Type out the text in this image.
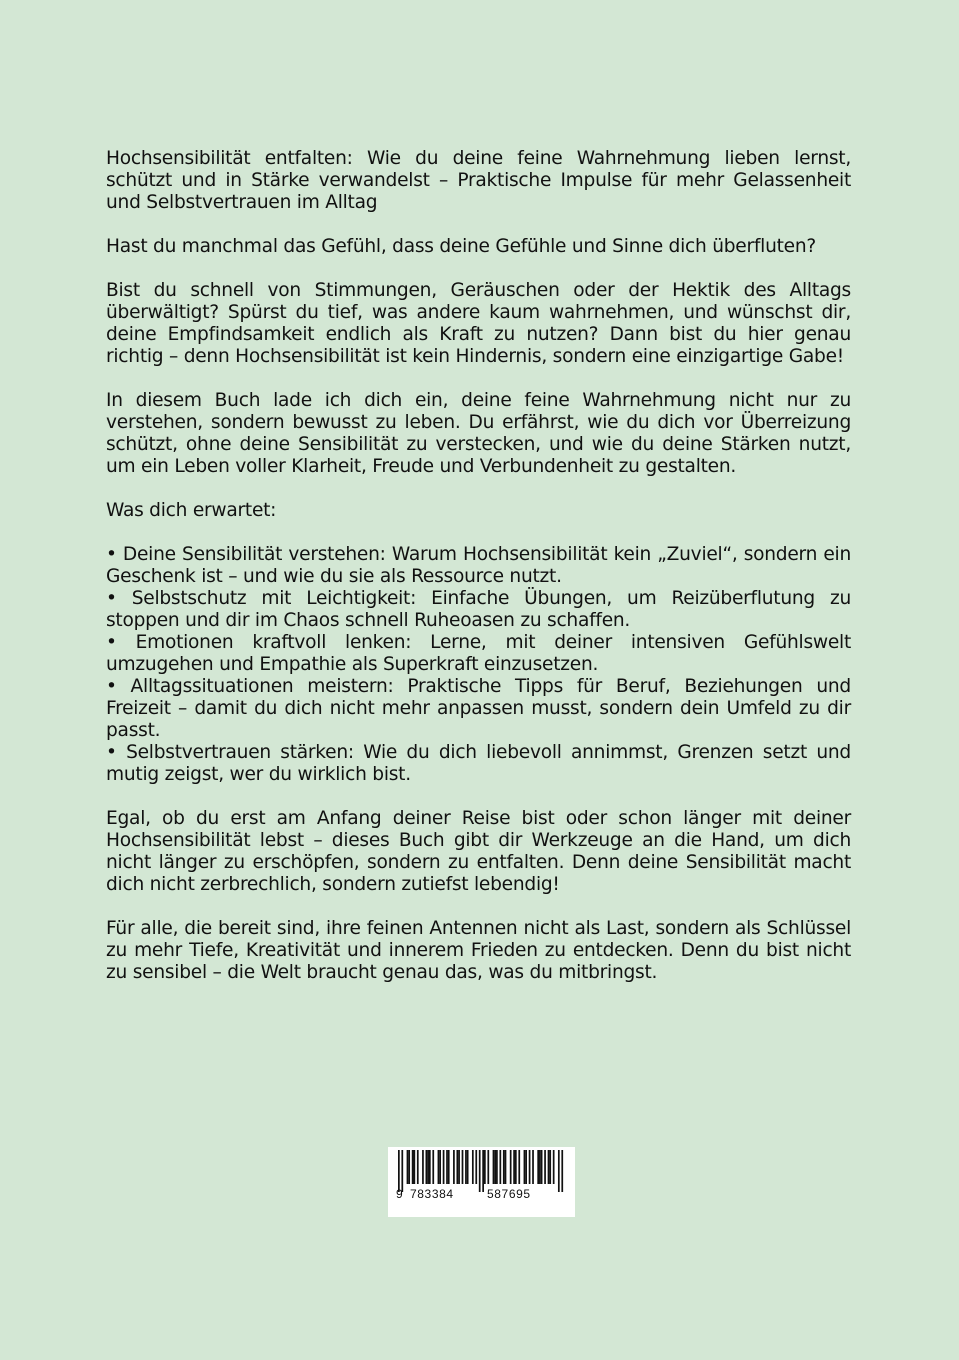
Hochsensibilität entfalten: Wie du deine feine Wahrnehmung lieben lernst, schützt und in Stärke verwandelst – Praktische Impulse für mehr Gelassenheit und Selbstvertrauen im Alltag

Hast du manchmal das Gefühl, dass deine Gefühle und Sinne dich überfluten?

Bist du schnell von Stimmungen, Geräuschen oder der Hektik des Alltags überwältigt? Spürst du tief, was andere kaum wahrnehmen, und wünschst dir, deine Empfindsamkeit endlich als Kraft zu nutzen? Dann bist du hier genau richtig – denn Hochsensibilität ist kein Hindernis, sondern eine einzigartige Gabe!

In diesem Buch lade ich dich ein, deine feine Wahrnehmung nicht nur zu verstehen, sondern bewusst zu leben. Du erfährst, wie du dich vor Überreizung schützt, ohne deine Sensibilität zu verstecken, und wie du deine Stärken nutzt, um ein Leben voller Klarheit, Freude und Verbundenheit zu gestalten.

Was dich erwartet:

• Deine Sensibilität verstehen: Warum Hochsensibilität kein „Zuviel“, sondern ein Geschenk ist – und wie du sie als Ressource nutzt.
• Selbstschutz mit Leichtigkeit: Einfache Übungen, um Reizüberflutung zu stoppen und dir im Chaos schnell Ruheoasen zu schaffen.
• Emotionen kraftvoll lenken: Lerne, mit deiner intensiven Gefühlswelt umzugehen und Empathie als Superkraft einzusetzen.
• Alltagssituationen meistern: Praktische Tipps für Beruf, Beziehungen und Freizeit – damit du dich nicht mehr anpassen musst, sondern dein Umfeld zu dir passt.
• Selbstvertrauen stärken: Wie du dich liebevoll annimmst, Grenzen setzt und mutig zeigst, wer du wirklich bist.

Egal, ob du erst am Anfang deiner Reise bist oder schon länger mit deiner Hochsensibilität lebst – dieses Buch gibt dir Werkzeuge an die Hand, um dich nicht länger zu erschöpfen, sondern zu entfalten. Denn deine Sensibilität macht dich nicht zerbrechlich, sondern zutiefst lebendig!

Für alle, die bereit sind, ihre feinen Antennen nicht als Last, sondern als Schlüssel zu mehr Tiefe, Kreativität und innerem Frieden zu entdecken. Denn du bist nicht zu sensibel – die Welt braucht genau das, was du mitbringst.

9 783384	587695
